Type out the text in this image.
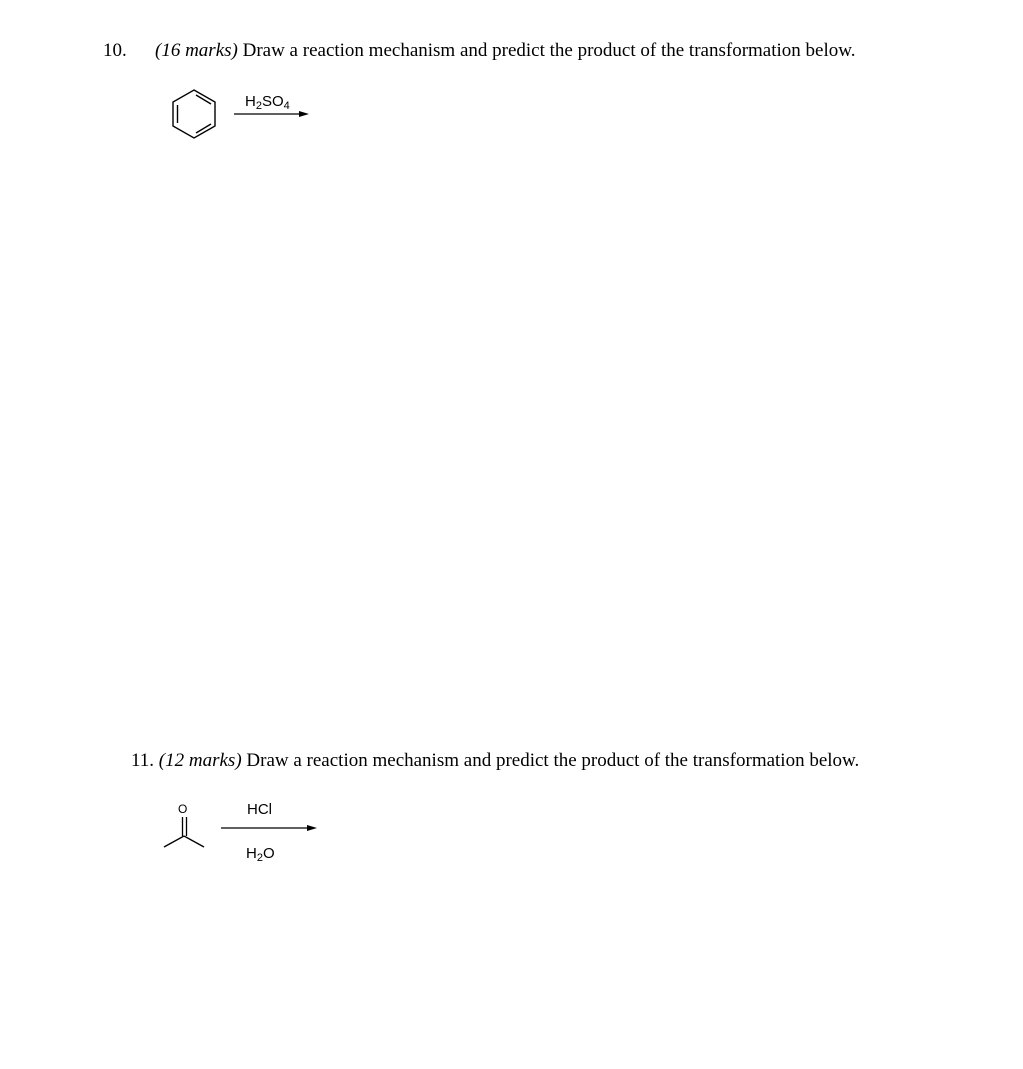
10. (16 marks) Draw a reaction mechanism and predict the product of the transformation below.
$H_2SO_4$
11. (12 marks) Draw a reaction mechanism and predict the product of the transformation below.
O	HCl
$H_2O$
